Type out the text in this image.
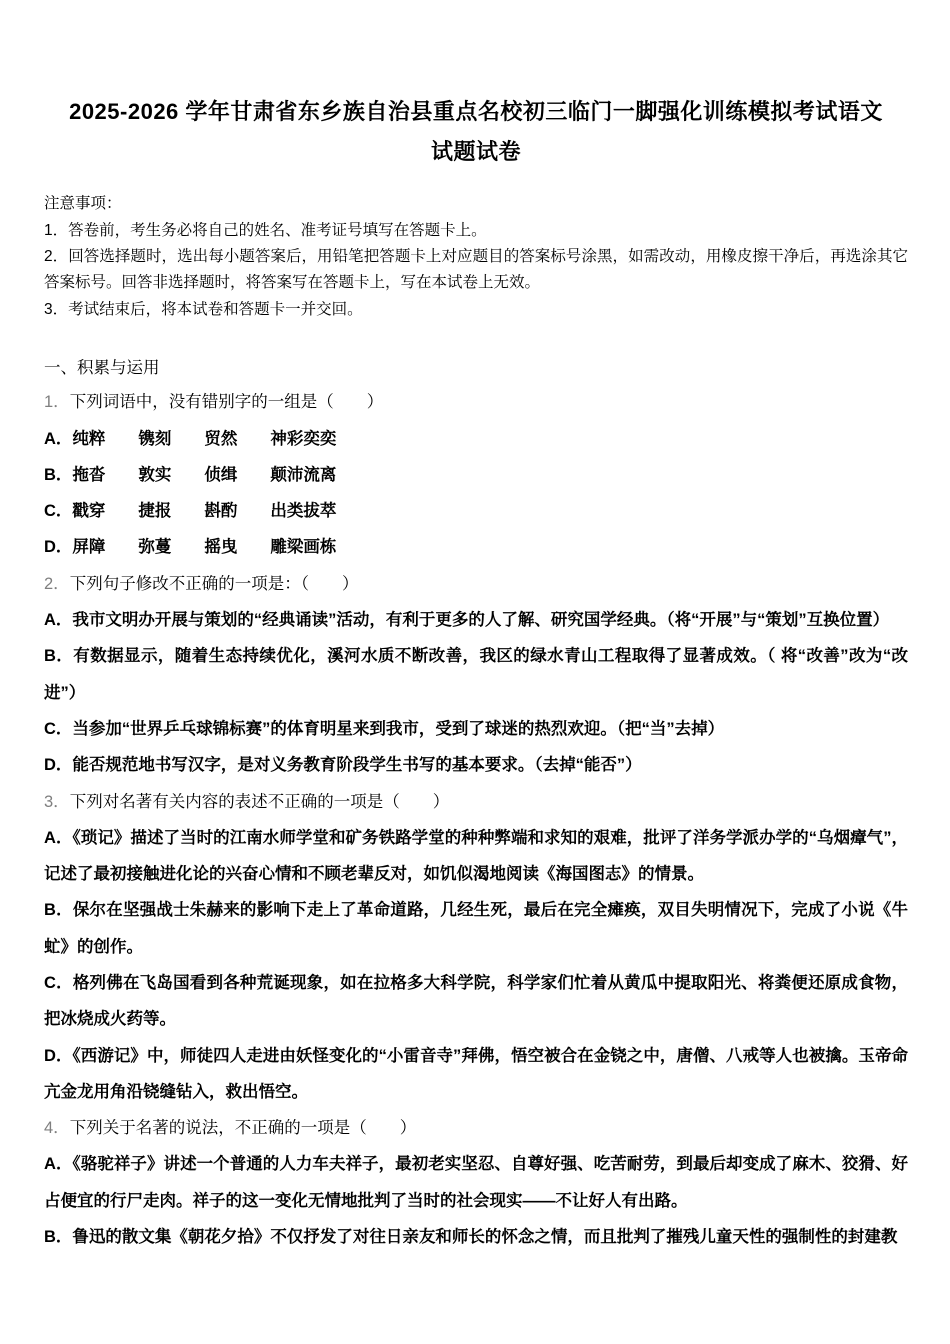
2025-2026 学年甘肃省东乡族自治县重点名校初三临门一脚强化训练模拟考试语文试题试卷
注意事项：
1．答卷前，考生务必将自己的姓名、准考证号填写在答题卡上。
2．回答选择题时，选出每小题答案后，用铅笔把答题卡上对应题目的答案标号涂黑，如需改动，用橡皮擦干净后，再选涂其它答案标号。回答非选择题时，将答案写在答题卡上，写在本试卷上无效。
3．考试结束后，将本试卷和答题卡一并交回。
一、积累与运用
1．下列词语中，没有错别字的一组是（　　）
A．纯粹　　镌刻　　贸然　　神彩奕奕
B．拖沓　　敦实　　侦缉　　颠沛流离
C．戳穿　　捷报　　斟酌　　出类拔萃
D．屏障　　弥蔓　　摇曳　　雕梁画栋
2．下列句子修改不正确的一项是：（　　）
A．我市文明办开展与策划的“经典诵读”活动，有利于更多的人了解、研究国学经典。（将“开展”与“策划”互换位置）
B．有数据显示，随着生态持续优化，溪河水质不断改善，我区的绿水青山工程取得了显著成效。（ 将“改善”改为“改进”）
C．当参加“世界乒乓球锦标赛”的体育明星来到我市，受到了球迷的热烈欢迎。（把“当”去掉）
D．能否规范地书写汉字，是对义务教育阶段学生书写的基本要求。（去掉“能否”）
3．下列对名著有关内容的表述不正确的一项是（　　）
A．《琐记》描述了当时的江南水师学堂和矿务铁路学堂的种种弊端和求知的艰难，批评了洋务学派办学的“乌烟瘴气”，记述了最初接触进化论的兴奋心情和不顾老辈反对，如饥似渴地阅读《海国图志》的情景。
B．保尔在坚强战士朱赫来的影响下走上了革命道路，几经生死，最后在完全瘫痪，双目失明情况下，完成了小说《牛虻》的创作。
C．格列佛在飞岛国看到各种荒诞现象，如在拉格多大科学院，科学家们忙着从黄瓜中提取阳光、将粪便还原成食物，把冰烧成火药等。
D．《西游记》中，师徒四人走进由妖怪变化的“小雷音寺”拜佛，悟空被合在金铙之中，唐僧、八戒等人也被擒。玉帝命亢金龙用角沿铙缝钻入，救出悟空。
4．下列关于名著的说法，不正确的一项是（　　）
A．《骆驼祥子》讲述一个普通的人力车夫祥子，最初老实坚忍、自尊好强、吃苦耐劳，到最后却变成了麻木、狡猾、好占便宜的行尸走肉。祥子的这一变化无情地批判了当时的社会现实——不让好人有出路。
B．鲁迅的散文集《朝花夕拾》不仅抒发了对往日亲友和师长的怀念之情，而且批判了摧残儿童天性的强制性的封建教
